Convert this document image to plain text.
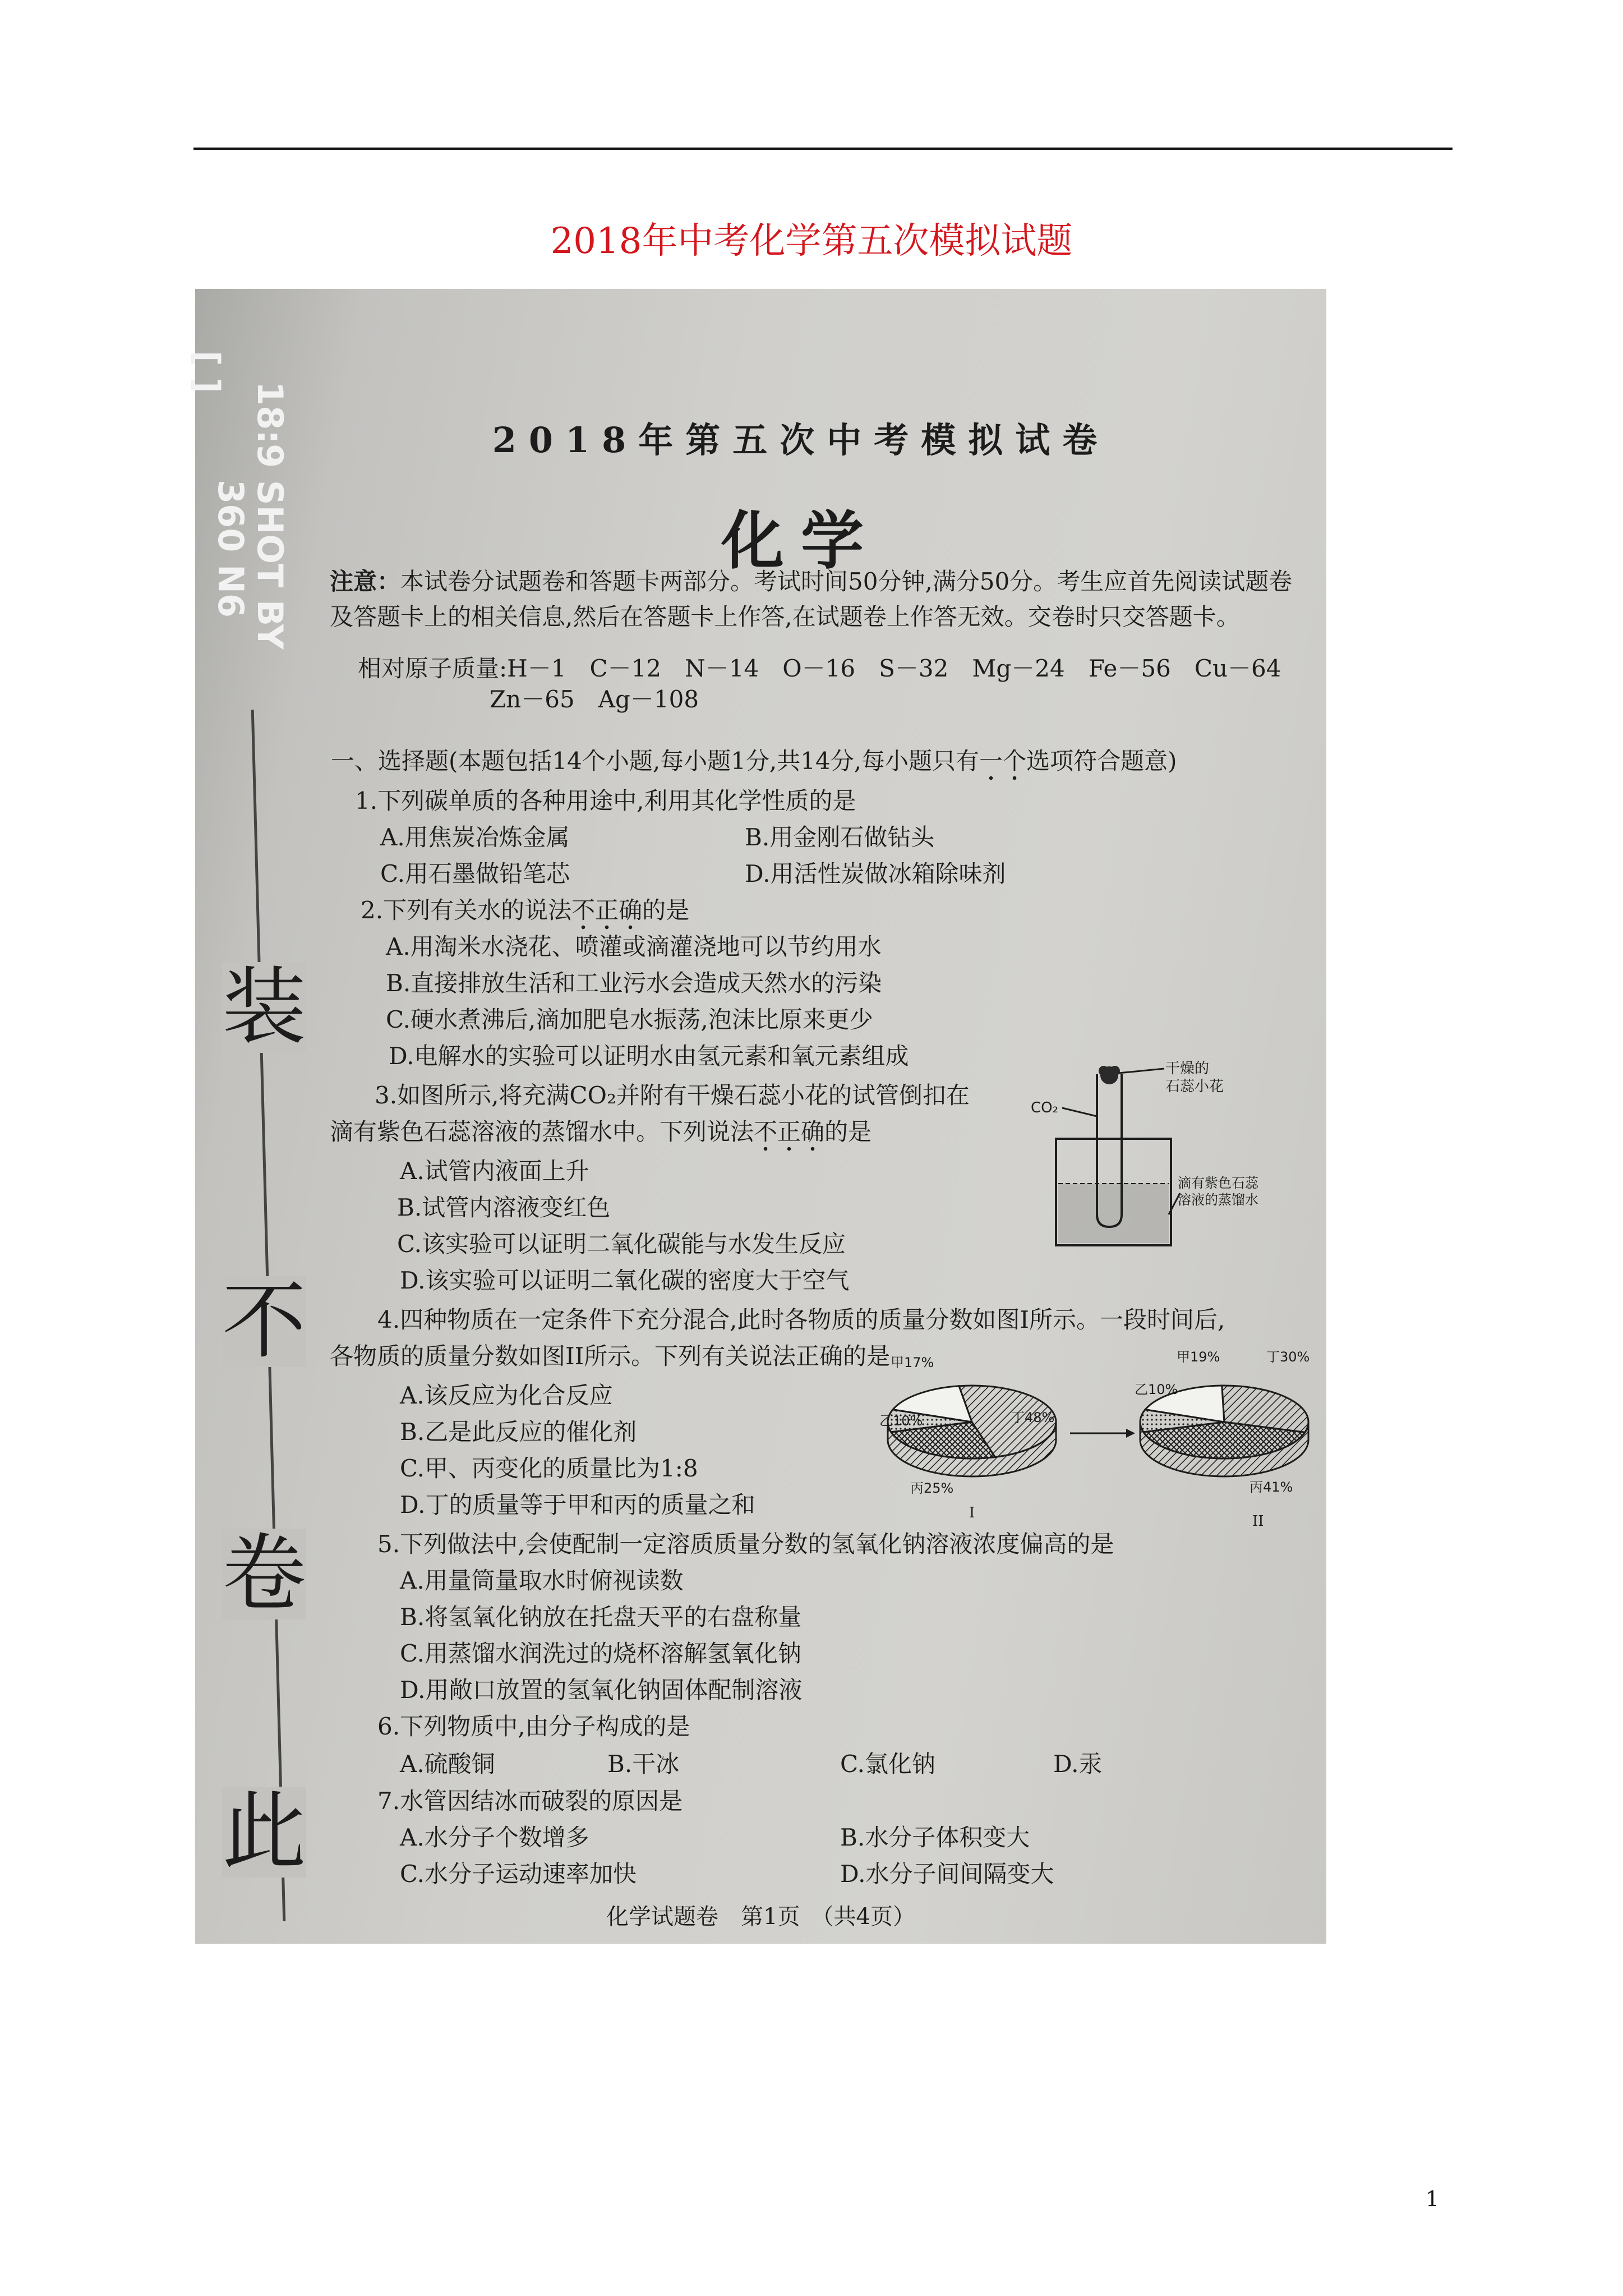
2018年中考化学第五次模拟试题
[ ]
18:9 SHOT BY
360 N6
此
卷
不
装
2018年第五次中考模拟试卷
化学
注意：本试卷分试题卷和答题卡两部分。考试时间50分钟,满分50分。考生应首先阅读试题卷及答题卡上的相关信息,然后在答题卡上作答,在试题卷上作答无效。交卷时只交答题卡。
相对原子质量:H－1　C－12　N－14　O－16　S－32　Mg－24　Fe－56　Cu－64
Zn－65　Ag－108
一、选择题(本题包括14个小题,每小题1分,共14分,每小题只有一个选项符合题意)
1.下列碳单质的各种用途中,利用其化学性质的是
A.用焦炭冶炼金属	B.用金刚石做钻头
C.用石墨做铅笔芯	D.用活性炭做冰箱除味剂
2.下列有关水的说法不正确的是
A.用淘米水浇花、喷灌或滴灌浇地可以节约用水
B.直接排放生活和工业污水会造成天然水的污染
C.硬水煮沸后,滴加肥皂水振荡,泡沫比原来更少
D.电解水的实验可以证明水由氢元素和氧元素组成
3.如图所示,将充满CO₂并附有干燥石蕊小花的试管倒扣在
滴有紫色石蕊溶液的蒸馏水中。下列说法不正确的是
A.试管内液面上升
B.试管内溶液变红色
C.该实验可以证明二氧化碳能与水发生反应
D.该实验可以证明二氧化碳的密度大于空气
CO₂
干燥的
石蕊小花
滴有紫色石蕊
溶液的蒸馏水
4.四种物质在一定条件下充分混合,此时各物质的质量分数如图I所示。一段时间后,
各物质的质量分数如图II所示。下列有关说法正确的是
A.该反应为化合反应
B.乙是此反应的催化剂
C.甲、丙变化的质量比为1:8
D.丁的质量等于甲和丙的质量之和
甲17%
乙10%	丁48%
丙25%
I
甲19%
乙10%
丁30%
丙41%
II
5.下列做法中,会使配制一定溶质质量分数的氢氧化钠溶液浓度偏高的是
A.用量筒量取水时俯视读数
B.将氢氧化钠放在托盘天平的右盘称量
C.用蒸馏水润洗过的烧杯溶解氢氧化钠
D.用敞口放置的氢氧化钠固体配制溶液
6.下列物质中,由分子构成的是
A.硫酸铜	B.干冰	C.氯化钠	D.汞
7.水管因结冰而破裂的原因是
A.水分子个数增多	B.水分子体积变大
C.水分子运动速率加快	D.水分子间间隔变大
化学试题卷　第1页　（共4页）
1
